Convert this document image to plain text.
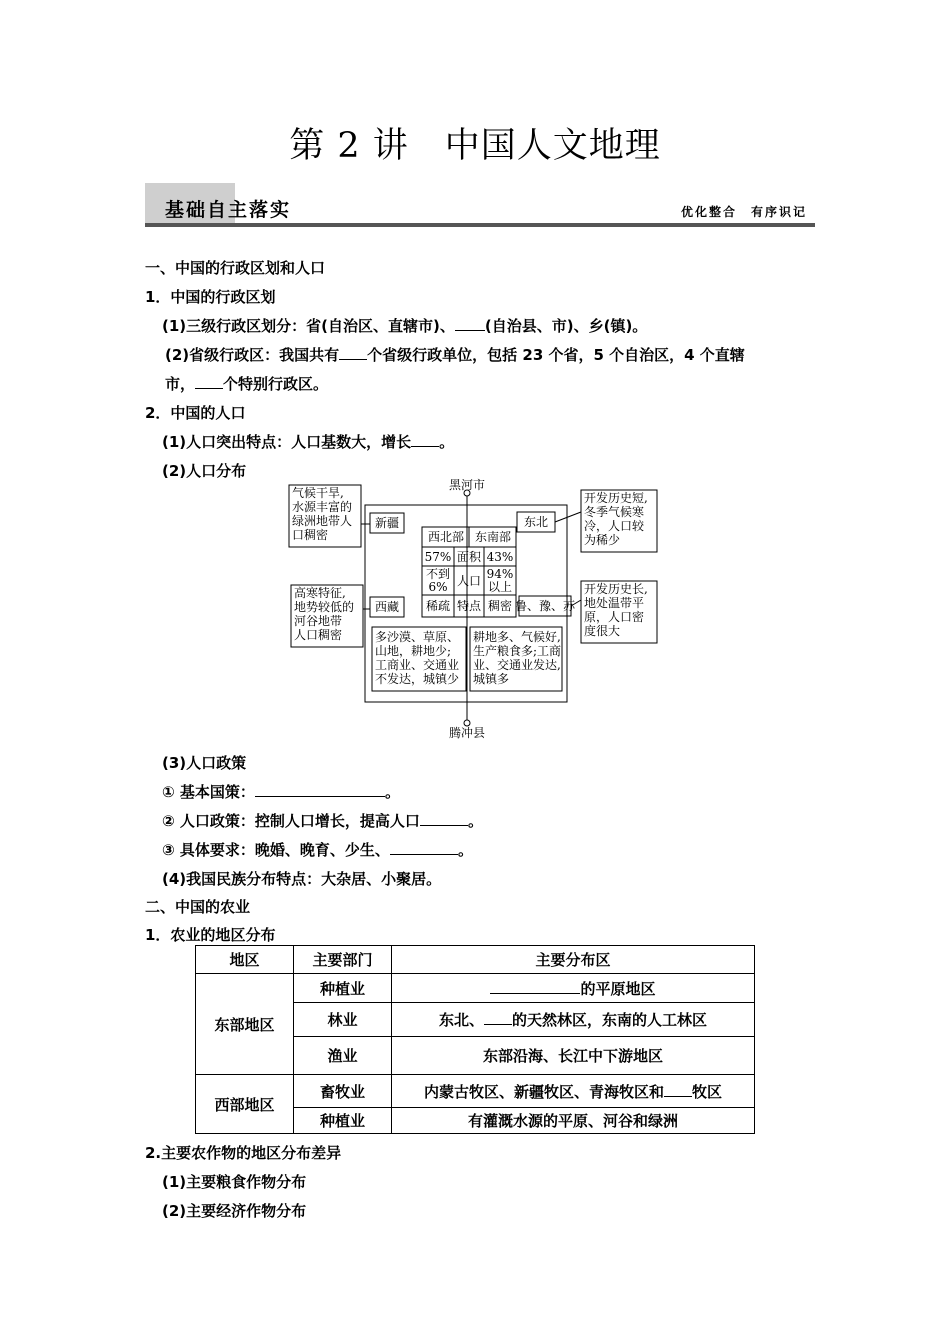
第 2 讲　中国人文地理
基础自主落实	优化整合　有序识记
一、中国的行政区划和人口
1．中国的行政区划
(1)三级行政区划分：省(自治区、直辖市)、 (自治县、市)、乡(镇)。
(2)省级行政区：我国共有 个省级行政单位，包括 23 个省，5 个自治区，4 个直辖
市， 个特别行政区。
2．中国的人口
(1)人口突出特点：人口基数大，增长 。
(2)人口分布
黑河市
腾冲县
气候干旱,
水源丰富的
绿洲地带人
口稠密
高寒特征,
地势较低的
河谷地带
人口稠密
开发历史短,
冬季气候寒
冷，人口较
为稀少
开发历史长,
地处温带平
原，人口密
度很大
新疆
西藏
东北
鲁、豫、苏
西北部 东南部
57% 面积 43%
不到
6% 人口 94%
以上
稀疏 特点 稠密
多沙漠、草原、
山地，耕地少;
工商业、交通业
不发达，城镇少
耕地多、气候好,
生产粮食多;工商
业、交通业发达,
城镇多
(3)人口政策
① 基本国策：	。
② 人口政策：控制人口增长，提高人口	。
③ 具体要求：晚婚、晚育、少生、	。
(4)我国民族分布特点：大杂居、小聚居。
二、中国的农业
1．农业的地区分布
地区	主要部门	主要分布区
东部地区	种植业	的平原地区
	林业	东北、 的天然林区，东南的人工林区
	渔业	东部沿海、长江中下游地区
西部地区	畜牧业	内蒙古牧区、新疆牧区、青海牧区和 牧区
	种植业	有灌溉水源的平原、河谷和绿洲
2.主要农作物的地区分布差异
(1)主要粮食作物分布
(2)主要经济作物分布
